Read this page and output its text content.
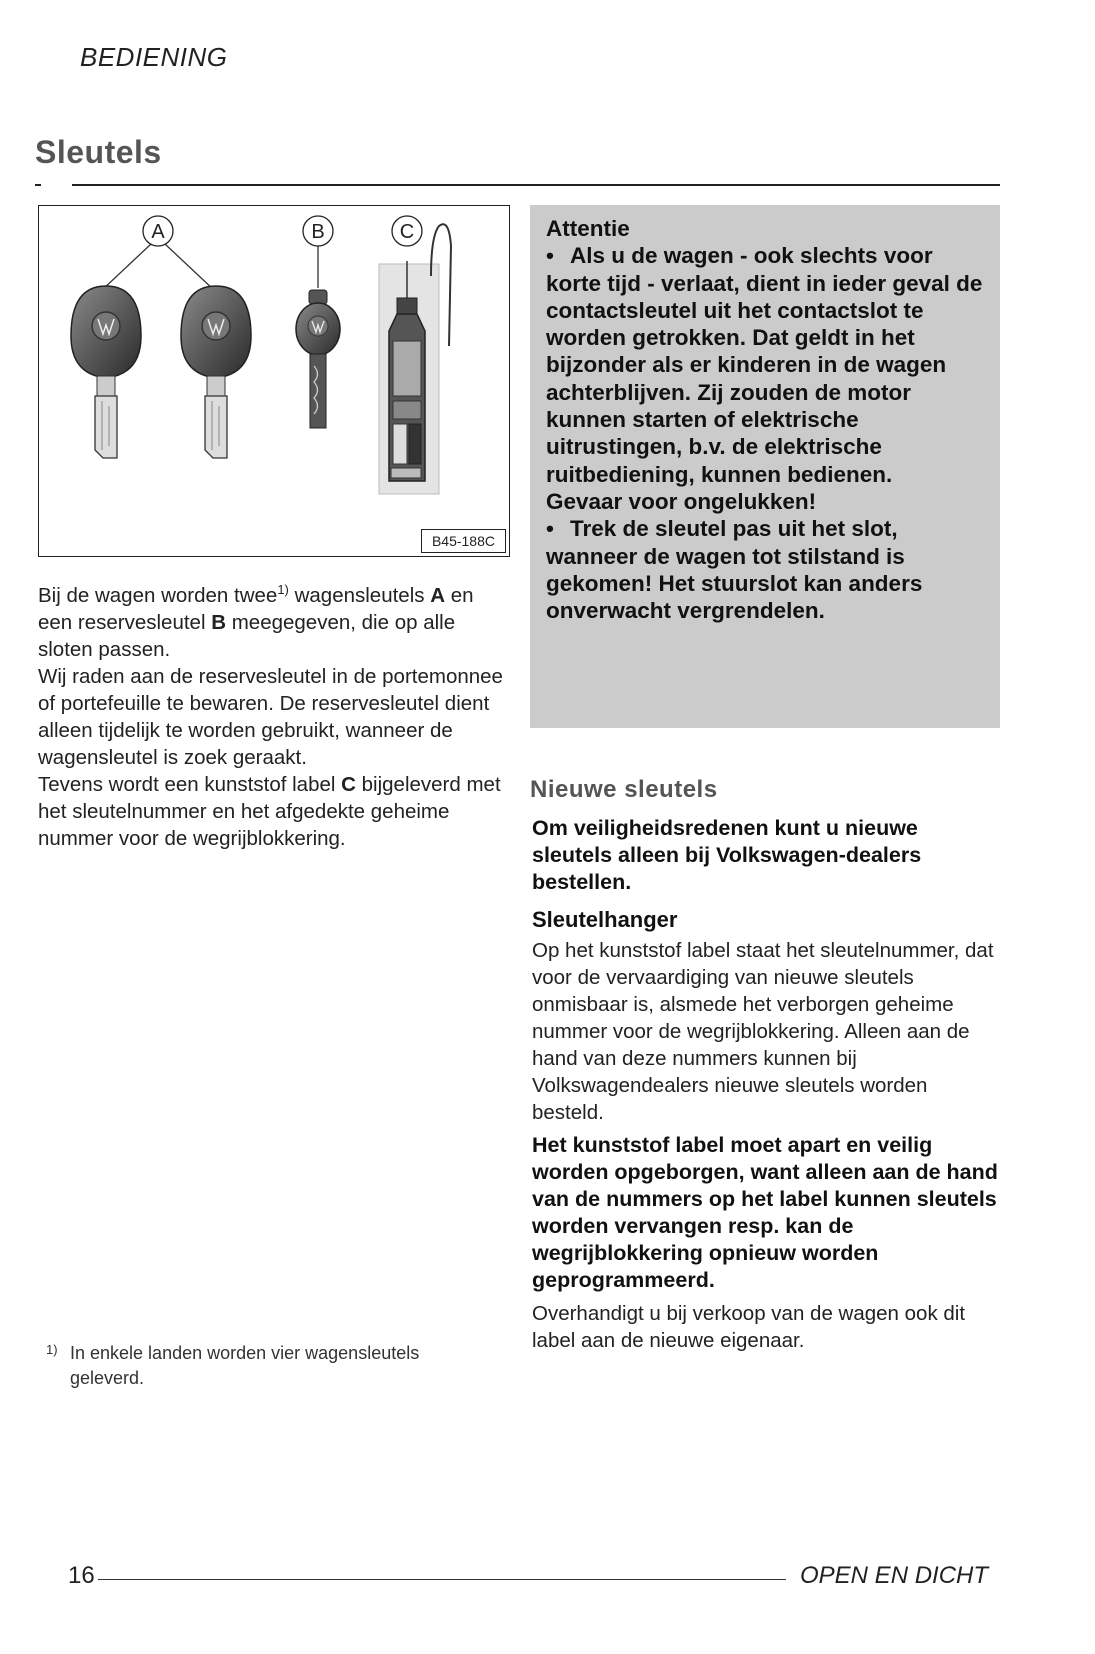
BEDIENING
Sleutels
A	B	C
B45-188C

Bij de wagen worden twee$^{1)}$ wagensleutels A en een reservesleutel B meegegeven, die op alle sloten passen.

Wij raden aan de reservesleutel in de portemonnee of portefeuille te bewaren. De reservesleutel dient alleen tijdelijk te worden gebruikt, wanneer de wagensleutel is zoek geraakt.

Tevens wordt een kunststof label C bijgeleverd met het sleutelnummer en het afgedekte geheime nummer voor de wegrijblokkering.

1) In enkele landen worden vier wagensleutels geleverd.

Attentie

• Als u de wagen - ook slechts voor korte tijd - verlaat, dient in ieder geval de contactsleutel uit het contactslot te worden getrokken. Dat geldt in het bijzonder als er kinderen in de wagen achterblijven. Zij zouden de motor kunnen starten of elektrische uitrustingen, b.v. de elektrische ruitbediening, kunnen bedienen.

Gevaar voor ongelukken!

• Trek de sleutel pas uit het slot, wanneer de wagen tot stilstand is gekomen! Het stuurslot kan anders onverwacht vergrendelen.

Nieuwe sleutels

Om veiligheidsredenen kunt u nieuwe sleutels alleen bij Volkswagen-dealers bestellen.

Sleutelhanger

Op het kunststof label staat het sleutelnummer, dat voor de vervaardiging van nieuwe sleutels onmisbaar is, alsmede het verborgen geheime nummer voor de wegrijblokkering. Alleen aan de hand van deze nummers kunnen bij Volkswagendealers nieuwe sleutels worden besteld.

Het kunststof label moet apart en veilig worden opgeborgen, want alleen aan de hand van de nummers op het label kunnen sleutels worden vervangen resp. kan de wegrijblokkering opnieuw worden geprogrammeerd.

Overhandigt u bij verkoop van de wagen ook dit label aan de nieuwe eigenaar.

16	OPEN EN DICHT
